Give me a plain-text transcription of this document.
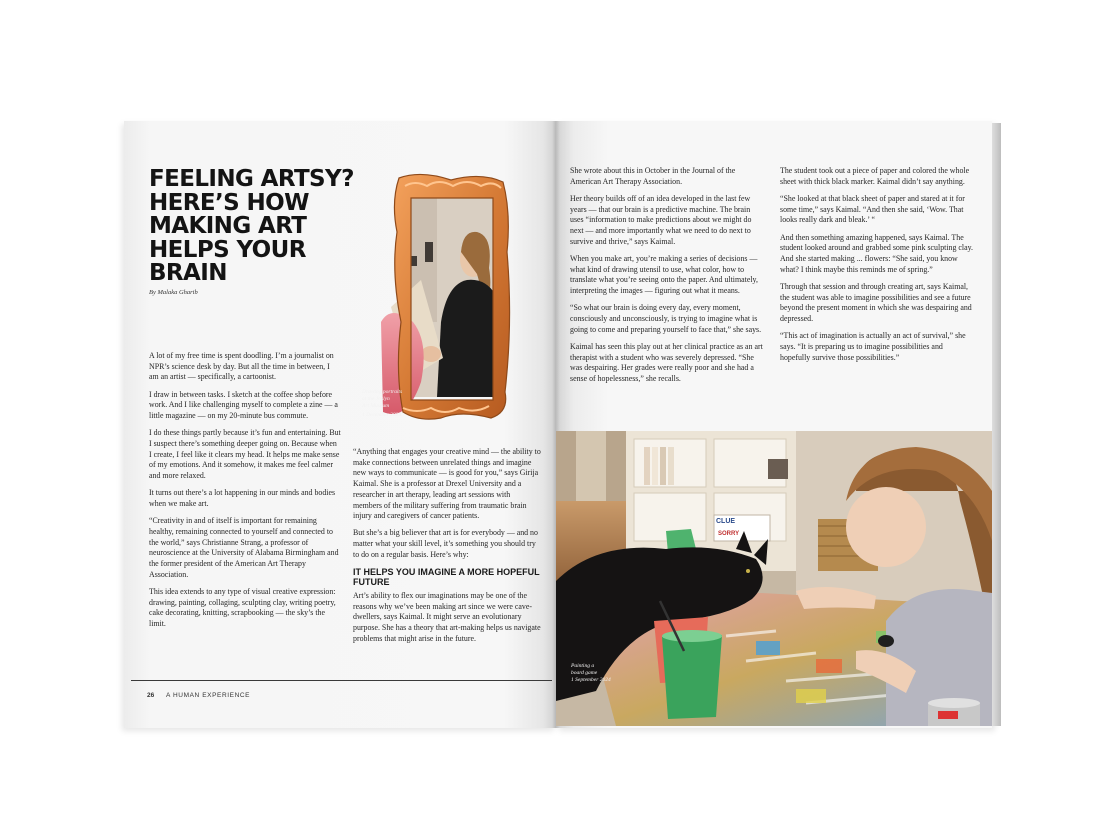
FEELING ARTSY? HERE’S HOW MAKING ART HELPS YOUR BRAIN
By Malaka Gharib
Drawing portraits
at the Joslyn
Art Museum
1 December 2024

A lot of my free time is spent doodling. I’m a journalist on NPR’s science desk by day. But all the time in between, I am an artist — specifically, a cartoonist.

I draw in between tasks. I sketch at the coffee shop before work. And I like challenging myself to complete a zine — a little magazine — on my 20-minute bus commute.

I do these things partly because it’s fun and entertaining. But I suspect there’s something deeper going on. Because when I create, I feel like it clears my head. It helps me make sense of my emotions. And it somehow, it makes me feel calmer and more relaxed.

It turns out there’s a lot happening in our minds and bodies when we make art.

“Creativity in and of itself is important for remaining healthy, remaining connected to yourself and connected to the world,” says Christianne Strang, a professor of neuroscience at the University of Alabama Birmingham and the former president of the American Art Therapy Association.

This idea extends to any type of visual creative expression: drawing, painting, collaging, sculpting clay, writing poetry, cake decorating, knitting, scrapbooking — the sky’s the limit.

“Anything that engages your creative mind — the ability to make connections between unrelated things and imagine new ways to communicate — is good for you,” says Girija Kaimal. She is a professor at Drexel University and a researcher in art therapy, leading art sessions with members of the military suffering from traumatic brain injury and caregivers of cancer patients.

But she’s a big believer that art is for everybody — and no matter what your skill level, it’s something you should try to do on a regular basis. Here’s why:

IT HELPS YOU IMAGINE A MORE HOPEFUL FUTURE

Art’s ability to flex our imaginations may be one of the reasons why we’ve been making art since we were cave-dwellers, says Kaimal. It might serve an evolutionary purpose. She has a theory that art-making helps us navigate problems that might arise in the future.

26 A HUMAN EXPERIENCE

She wrote about this in October in the Journal of the American Art Therapy Association.

Her theory builds off of an idea developed in the last few years — that our brain is a predictive machine. The brain uses “information to make predictions about we might do next — and more importantly what we need to do next to survive and thrive,” says Kaimal.

When you make art, you’re making a series of decisions — what kind of drawing utensil to use, what color, how to translate what you’re seeing onto the paper. And ultimately, interpreting the images — figuring out what it means.

“So what our brain is doing every day, every moment, consciously and unconsciously, is trying to imagine what is going to come and preparing yourself to face that,” she says.

Kaimal has seen this play out at her clinical practice as an art therapist with a student who was severely depressed. “She was despairing. Her grades were really poor and she had a sense of hopelessness,” she recalls.

The student took out a piece of paper and colored the whole sheet with thick black marker. Kaimal didn’t say anything.

“She looked at that black sheet of paper and stared at it for some time,” says Kaimal. “And then she said, ‘Wow. That looks really dark and bleak.’ “

And then something amazing happened, says Kaimal. The student looked around and grabbed some pink sculpting clay. And she started making ... flowers: “She said, you know what? I think maybe this reminds me of spring.”

Through that session and through creating art, says Kaimal, the student was able to imagine possibilities and see a future beyond the present moment in which she was despairing and depressed.

“This act of imagination is actually an act of survival,” she says. “It is preparing us to imagine possibilities and hopefully survive those possibilities.”

CLUE
SORRY
Painting a
board game
1 September 2024
